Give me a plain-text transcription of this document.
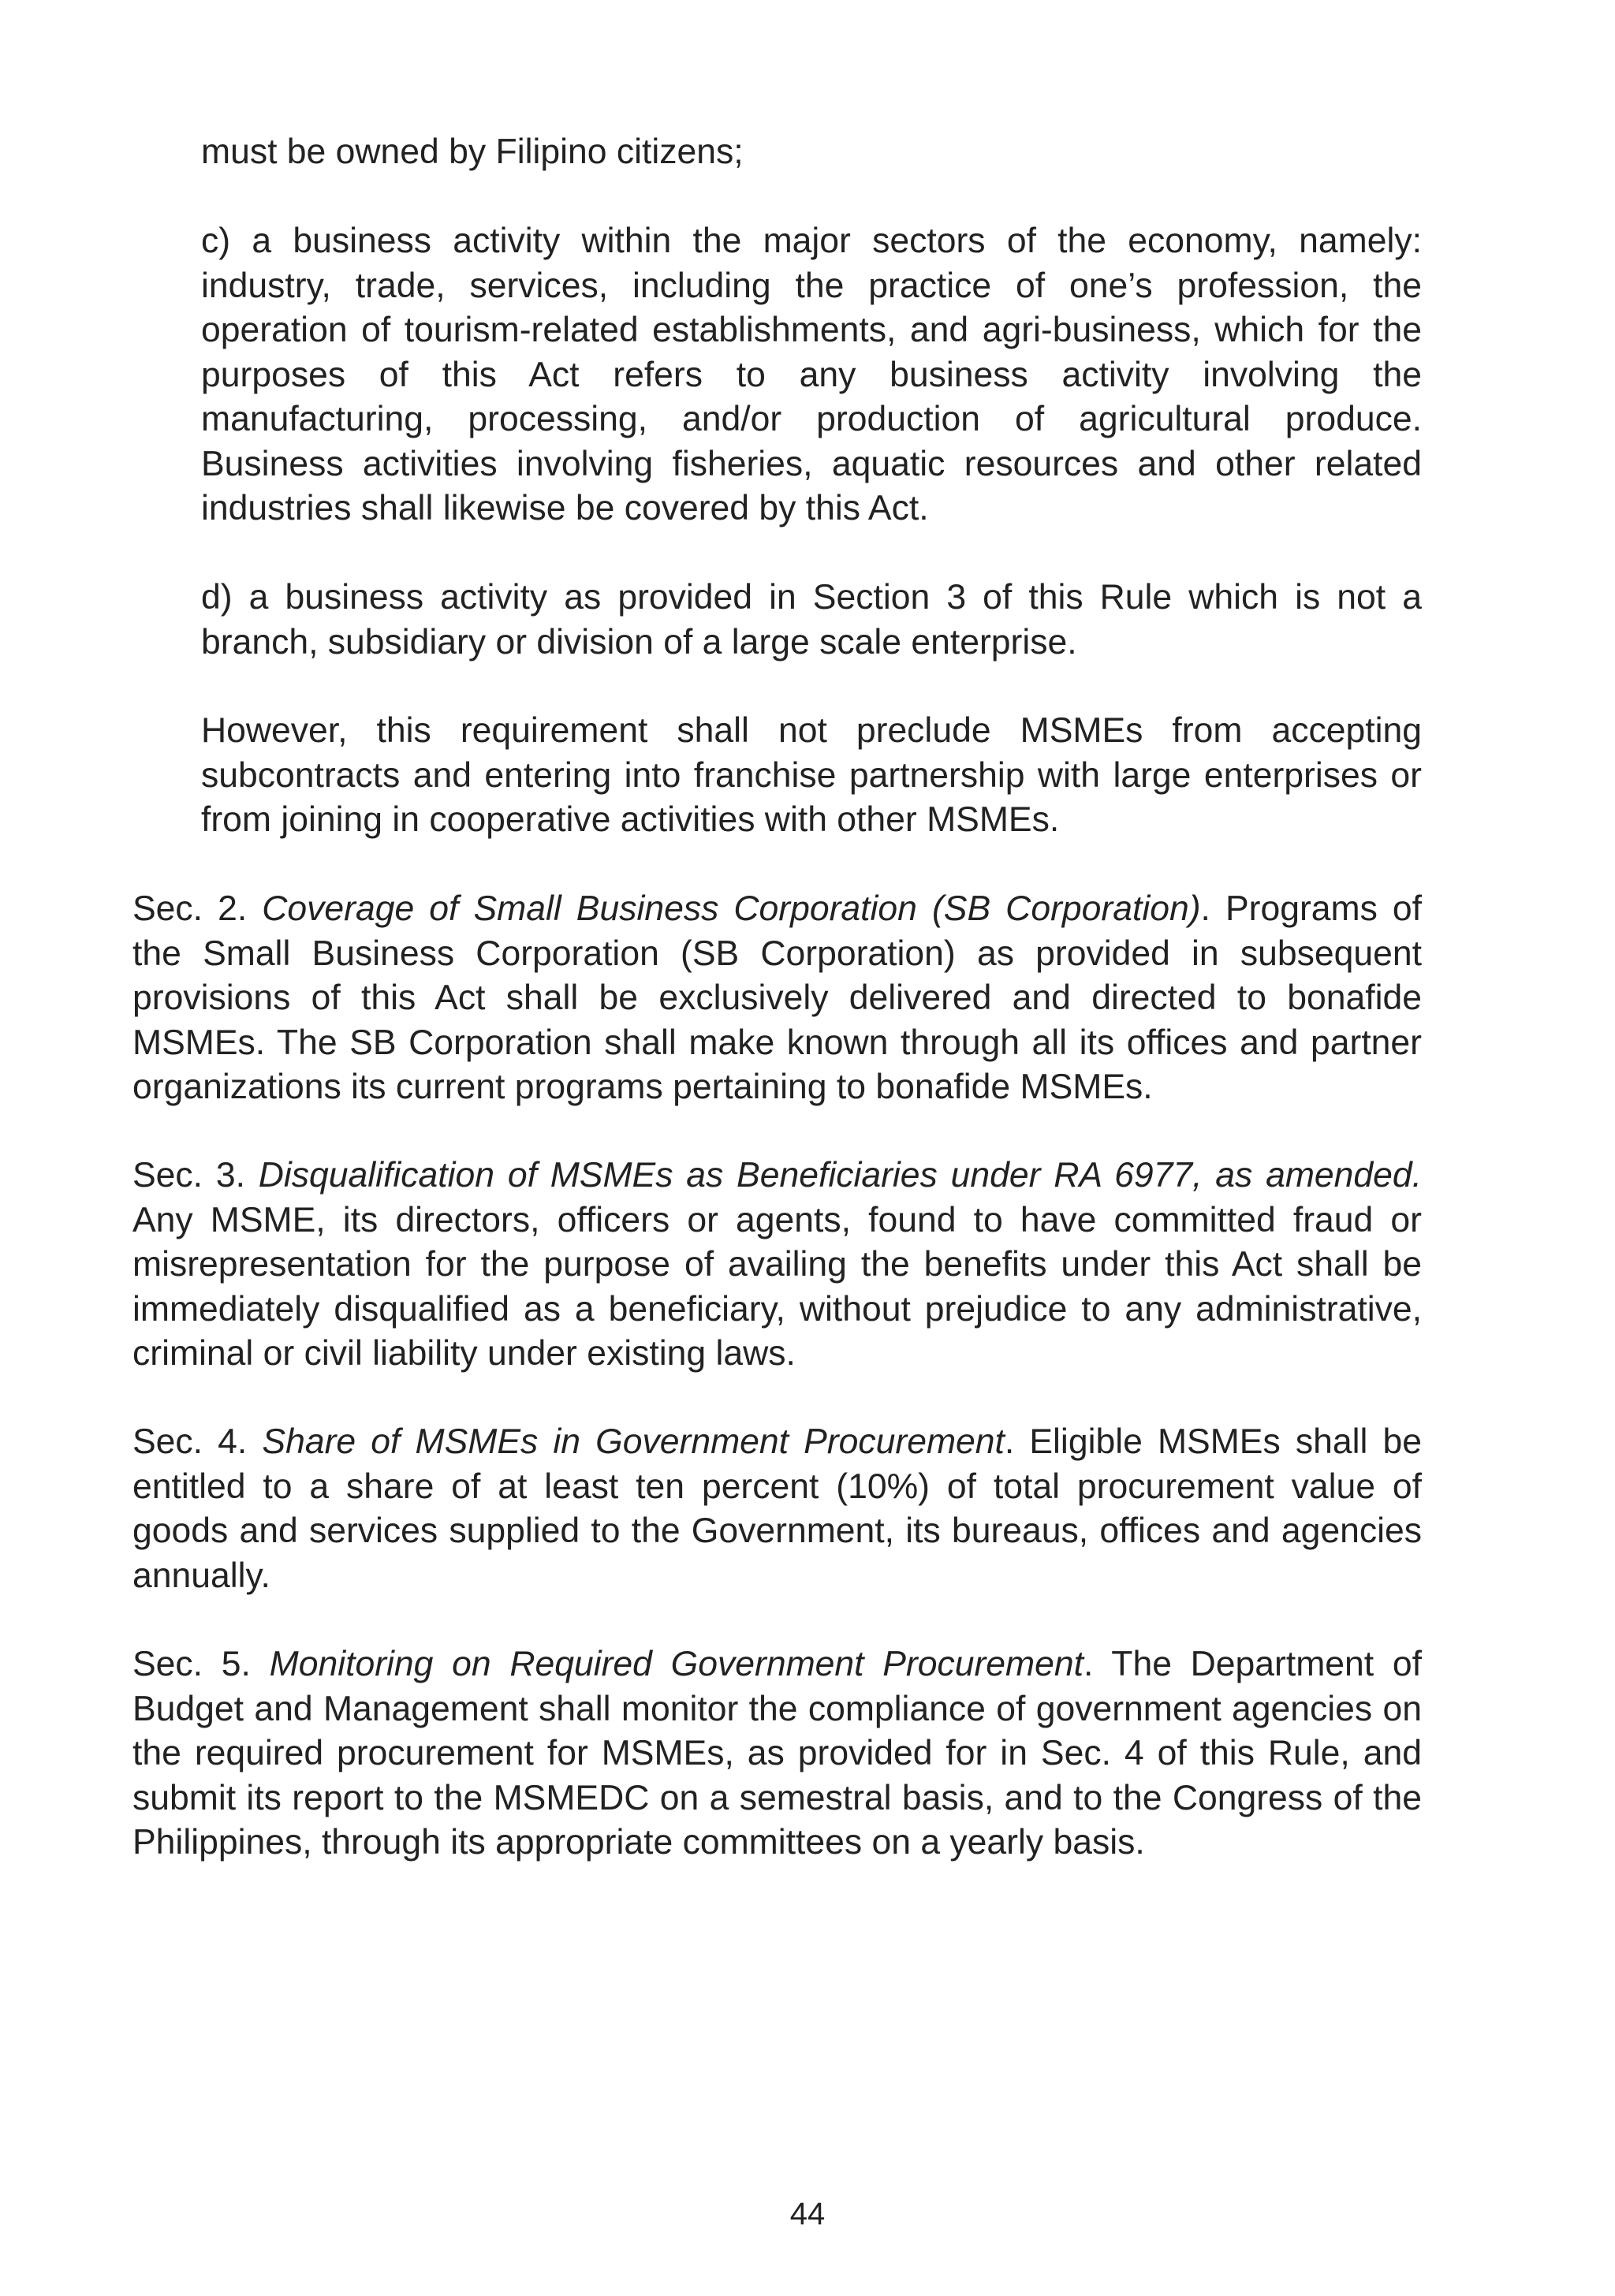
must be owned by Filipino citizens;

c) a business activity within the major sectors of the economy, namely: industry, trade, services, including the practice of one’s profession, the operation of tourism-related establishments, and agri-business, which for the purposes of this Act refers to any business activity involving the manufacturing, processing, and/or production of agricultural produce. Business activities involving fisheries, aquatic resources and other related industries shall likewise be covered by this Act.

d) a business activity as provided in Section 3 of this Rule which is not a branch, subsidiary or division of a large scale enterprise.

However, this requirement shall not preclude MSMEs from accepting subcontracts and entering into franchise partnership with large enterprises or from joining in cooperative activities with other MSMEs.

Sec. 2. Coverage of Small Business Corporation (SB Corporation). Programs of the Small Business Corporation (SB Corporation) as provided in subsequent provisions of this Act shall be exclusively delivered and directed to bonafide MSMEs. The SB Corporation shall make known through all its offices and partner organizations its current programs pertaining to bonafide MSMEs.

Sec. 3. Disqualification of MSMEs as Beneficiaries under RA 6977, as amended. Any MSME, its directors, officers or agents, found to have committed fraud or misrepresentation for the purpose of availing the benefits under this Act shall be immediately disqualified as a beneficiary, without prejudice to any administrative, criminal or civil liability under existing laws.

Sec. 4. Share of MSMEs in Government Procurement. Eligible MSMEs shall be entitled to a share of at least ten percent (10%) of total procurement value of goods and services supplied to the Government, its bureaus, offices and agencies annually.

Sec. 5. Monitoring on Required Government Procurement. The Department of Budget and Management shall monitor the compliance of government agencies on the required procurement for MSMEs, as provided for in Sec. 4 of this Rule, and submit its report to the MSMEDC on a semestral basis, and to the Congress of the Philippines, through its appropriate committees on a yearly basis.

44
